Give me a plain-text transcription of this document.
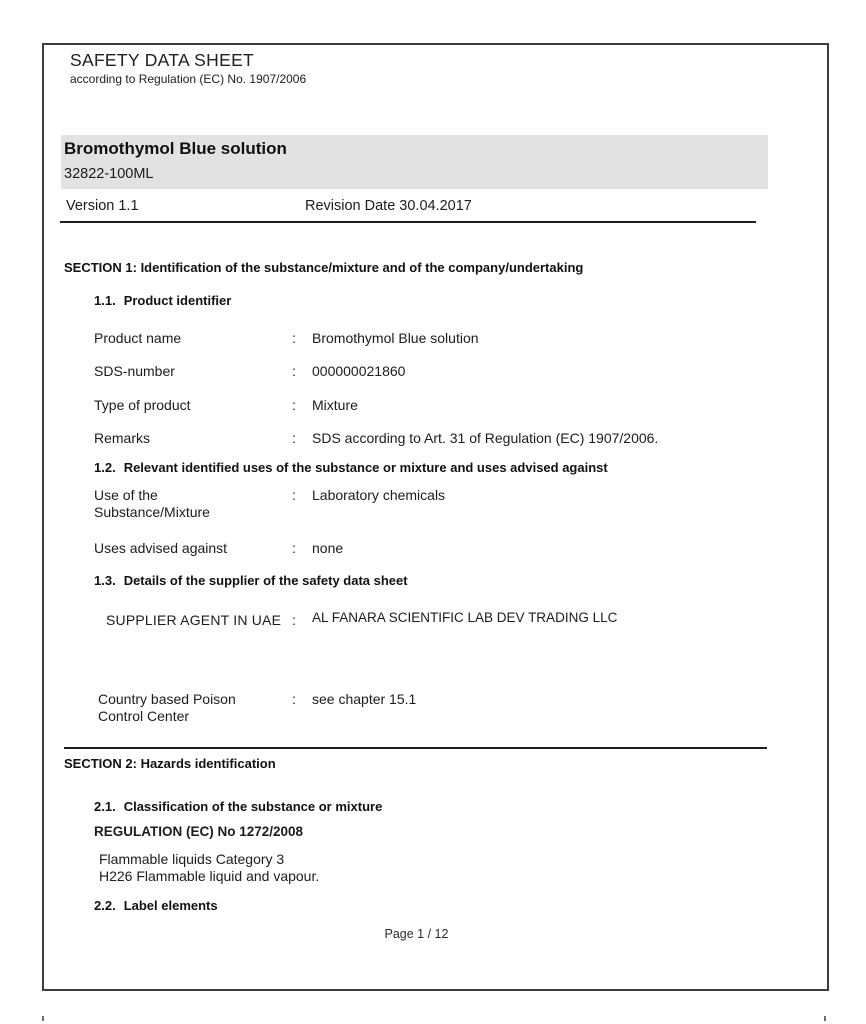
SAFETY DATA SHEET
according to Regulation (EC) No. 1907/2006
Bromothymol Blue solution
32822-100ML
Version 1.1	Revision Date 30.04.2017
SECTION 1: Identification of the substance/mixture and of the company/undertaking
1.1. Product identifier
Product name	: Bromothymol Blue solution
SDS-number	: 000000021860
Type of product	: Mixture
Remarks	: SDS according to Art. 31 of Regulation (EC) 1907/2006.
1.2. Relevant identified uses of the substance or mixture and uses advised against
Use of the
Substance/Mixture
: Laboratory chemicals
Uses advised against	: none
1.3. Details of the supplier of the safety data sheet
SUPPLIER AGENT IN UAE : AL FANARA SCIENTIFIC LAB DEV TRADING LLC
Country based Poison
Control Center
: see chapter 15.1
SECTION 2: Hazards identification
2.1. Classification of the substance or mixture
REGULATION (EC) No 1272/2008
Flammable liquids Category 3
H226 Flammable liquid and vapour.
2.2. Label elements
Page 1 / 12
